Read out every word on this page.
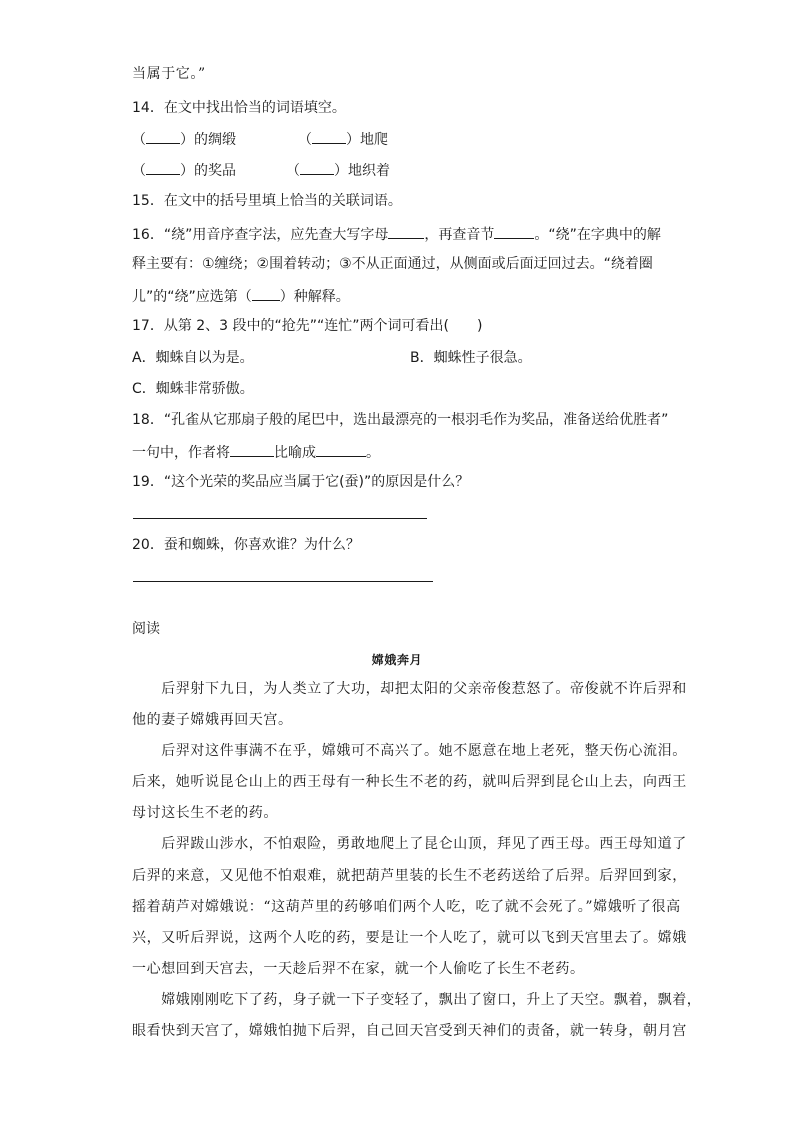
当属于它。”
14．在文中找出恰当的词语填空。
（ ）的绸缎	（ ）地爬
（ ）的奖品	（ ）地织着
15．在文中的括号里填上恰当的关联词语。
16．“绕”用音序查字法，应先查大写字母	，再查音节	。“绕”在字典中的解
释主要有：①缠绕；②围着转动；③不从正面通过，从侧面或后面迂回过去。“绕着圈
儿”的“绕”应选第（ ）种解释。
17．从第 2、3 段中的“抢先”“连忙”两个词可看出(　　)
A．蜘蛛自以为是。	B．蜘蛛性子很急。
C．蜘蛛非常骄傲。
18．“孔雀从它那扇子般的尾巴中，选出最漂亮的一根羽毛作为奖品，准备送给优胜者”
一句中，作者将	比喻成	。
19．“这个光荣的奖品应当属于它(蚕)”的原因是什么？
20．蚕和蜘蛛，你喜欢谁？为什么？
阅读
嫦娥奔月
　　后羿射下九日，为人类立了大功，却把太阳的父亲帝俊惹怒了。帝俊就不许后羿和
他的妻子嫦娥再回天宫。
　　后羿对这件事满不在乎，嫦娥可不高兴了。她不愿意在地上老死，整天伤心流泪。
后来，她听说昆仑山上的西王母有一种长生不老的药，就叫后羿到昆仑山上去，向西王
母讨这长生不老的药。
　　后羿跋山涉水，不怕艰险，勇敢地爬上了昆仑山顶，拜见了西王母。西王母知道了
后羿的来意，又见他不怕艰难，就把葫芦里装的长生不老药送给了后羿。后羿回到家，
摇着葫芦对嫦娥说：“这葫芦里的药够咱们两个人吃，吃了就不会死了。”嫦娥听了很高
兴，又听后羿说，这两个人吃的药，要是让一个人吃了，就可以飞到天宫里去了。嫦娥
一心想回到天宫去，一天趁后羿不在家，就一个人偷吃了长生不老药。
　　嫦娥刚刚吃下了药，身子就一下子变轻了，飘出了窗口，升上了天空。飘着，飘着，
眼看快到天宫了，嫦娥怕抛下后羿，自己回天宫受到天神们的责备，就一转身，朝月宫
